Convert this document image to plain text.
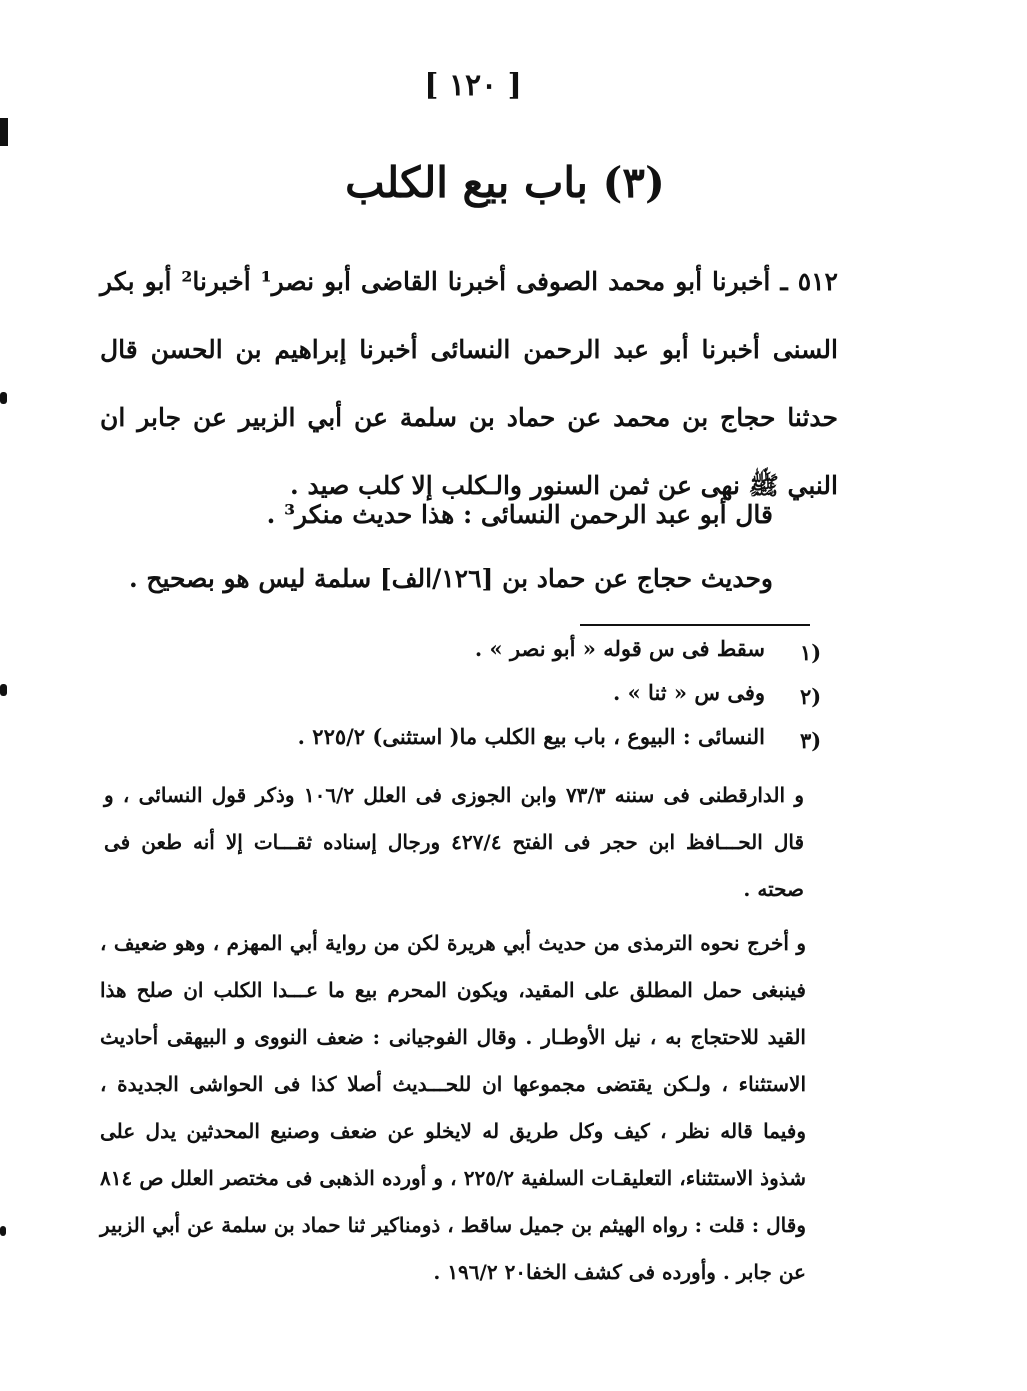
[ ١٢٠ ]
(٣) باب بيع الكلب

٥١٢ ـ أخبرنا أبو محمد الصوفى أخبرنا القاضى أبو نصر¹ أخبرنا² أبو بكر السنى أخبرنا أبو عبد الرحمن النسائى أخبرنا إبراهيم بن الحسن قال حدثنا حجاج بن محمد عن حماد بن سلمة عن أبي الزبير عن جابر ان النبي ﷺ نهى عن ثمن السنور والـكلب إلا كلب صيد .

قال أبو عبد الرحمن النسائى : هذا حديث منكر³ .
وحديث حجاج عن حماد بن [١٢٦/الف] سلمة ليس هو بصحيح .
١)
سقط فى س قوله « أبو نصر » .
٢)
وفى س « ثنا » .
٣)
النسائى : البيوع ، باب بيع الكلب ما( استثنى) ٢٢٥/٢ .

و الدارقطنى فى سننه ٧٣/٣ وابن الجوزى فى العلل ١٠٦/٢ وذكر قول النسائى ، و قال الحـــافظ ابن حجر فى الفتح ٤٢٧/٤ ورجال إسناده ثقـــات إلا أنه طعن فى صحته .

و أخرج نحوه الترمذى من حديث أبي هريرة لكن من رواية أبي المهزم ، وهو ضعيف ، فينبغى حمل المطلق على المقيد، ويكون المحرم بيع ما عـــدا الكلب ان صلح هذا القيد للاحتجاج به ، نيل الأوطـار . وقال الفوجيانى : ضعف النووى و البيهقى أحاديث الاستثناء ، ولـكن يقتضى مجموعها ان للحـــديث أصلا كذا فى الحواشى الجديدة ، وفيما قاله نظر ، كيف وكل طريق له لايخلو عن ضعف وصنيع المحدثين يدل على شذوذ الاستثناء، التعليقـات السلفية ٢٢٥/٢ ، و أورده الذهبى فى مختصر العلل ص ٨١٤ وقال : قلت : رواه الهيثم بن جميل ساقط ، ذومناكير ثنا حماد بن سلمة عن أبي الزبير عن جابر . وأورده فى كشف الخفا٢٠ ١٩٦/٢ .
